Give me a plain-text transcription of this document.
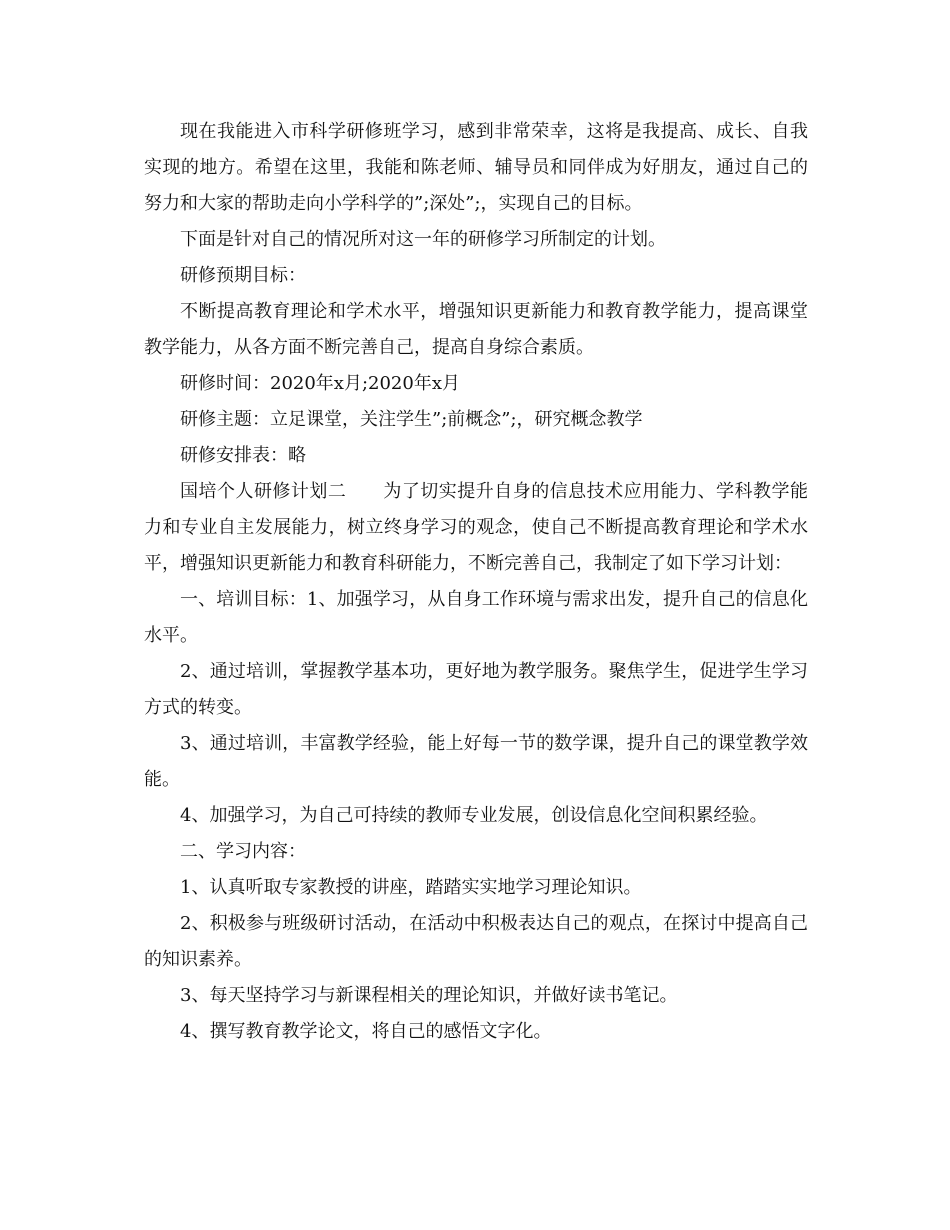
现在我能进入市科学研修班学习，感到非常荣幸，这将是我提高、成长、自我实现的地方。希望在这里，我能和陈老师、辅导员和同伴成为好朋友，通过自己的努力和大家的帮助走向小学科学的”;深处”;，实现自己的目标。

下面是针对自己的情况所对这一年的研修学习所制定的计划。

研修预期目标：

不断提高教育理论和学术水平，增强知识更新能力和教育教学能力，提高课堂教学能力，从各方面不断完善自己，提高自身综合素质。

研修时间：2020年x月;2020年x月

研修主题：立足课堂，关注学生”;前概念”;，研究概念教学

研修安排表：略

国培个人研修计划二　　为了切实提升自身的信息技术应用能力、学科教学能力和专业自主发展能力，树立终身学习的观念，使自己不断提高教育理论和学术水平，增强知识更新能力和教育科研能力，不断完善自己，我制定了如下学习计划：

一、培训目标：1、加强学习，从自身工作环境与需求出发，提升自己的信息化水平。

2、通过培训，掌握教学基本功，更好地为教学服务。聚焦学生，促进学生学习方式的转变。

3、通过培训，丰富教学经验，能上好每一节的数学课，提升自己的课堂教学效能。

4、加强学习，为自己可持续的教师专业发展，创设信息化空间积累经验。

二、学习内容：

1、认真听取专家教授的讲座，踏踏实实地学习理论知识。

2、积极参与班级研讨活动，在活动中积极表达自己的观点，在探讨中提高自己的知识素养。

3、每天坚持学习与新课程相关的理论知识，并做好读书笔记。

4、撰写教育教学论文，将自己的感悟文字化。
